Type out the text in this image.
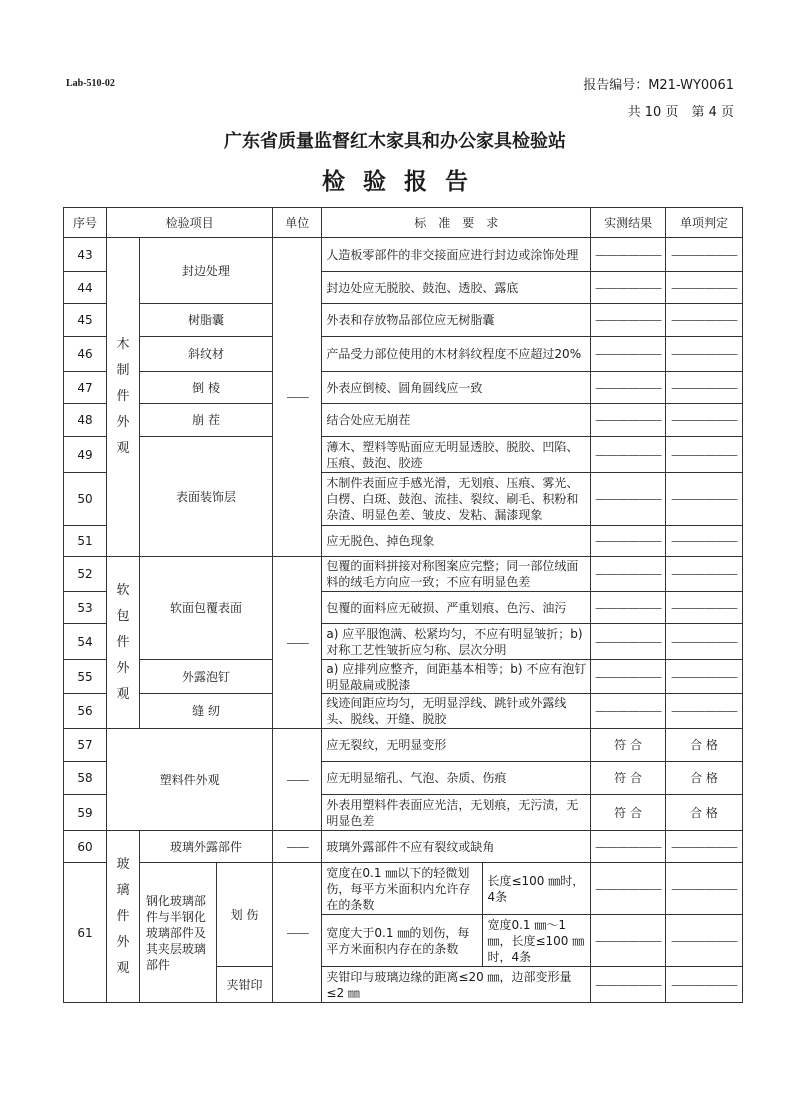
Lab-510-02	报告编号：M21-WY0061
共 10 页　第 4 页
广东省质量监督红木家具和办公家具检验站
检验报告
序号	检验项目			单位	标　准　要　求		实测结果	单项判定
43	木制件外观	封边处理		——	人造板零部件的非交接面应进行封边或涂饰处理		——————	——————
44					封边处应无脱胶、鼓泡、透胶、露底		——————	——————
45		树脂囊			外表和存放物品部位应无树脂囊		——————	——————
46		斜纹材			产品受力部位使用的木材斜纹程度不应超过20%		——————	——————
47		倒 棱			外表应倒棱、圆角圆线应一致		——————	——————
48		崩 茬			结合处应无崩茬		——————	——————
49		表面装饰层			薄木、塑料等贴面应无明显透胶、脱胶、凹陷、压痕、鼓泡、胶迹		——————	——————
50					木制件表面应手感光滑，无划痕、压痕、雾光、白楞、白斑、鼓泡、流挂、裂纹、刷毛、积粉和杂渣、明显色差、皱皮、发粘、漏漆现象		——————	——————
51					应无脱色、掉色现象		——————	——————
52	软包件外观	软面包覆表面		——	包覆的面料拼接对称图案应完整；同一部位绒面料的绒毛方向应一致；不应有明显色差		——————	——————
53					包覆的面料应无破损、严重划痕、色污、油污		——————	——————
54					a) 应平服饱满、松紧均匀，不应有明显皱折；b) 对称工艺性皱折应匀称、层次分明		——————	——————
55		外露泡钉			a) 应排列应整齐，间距基本相等；b) 不应有泡钉明显敲扁或脱漆		——————	——————
56		缝 纫			线迹间距应均匀，无明显浮线、跳针或外露线头、脱线、开缝、脱胶		——————	——————
57	塑料件外观			——	应无裂纹，无明显变形		符 合	合 格
58					应无明显缩孔、气泡、杂质、伤痕		符 合	合 格
59					外表用塑料件表面应光洁，无划痕，无污渍，无明显色差		符 合	合 格
60	玻璃件外观	玻璃外露部件		——	玻璃外露部件不应有裂纹或缺角		——————	——————
61		钢化玻璃部件与半钢化玻璃部件及其夹层玻璃部件	划 伤	——	宽度在0.1 ㎜以下的轻微划伤，每平方米面积内允许存在的条数	长度≤100 ㎜时，4条	——————	——————
					宽度大于0.1 ㎜的划伤，每平方米面积内存在的条数	宽度0.1 ㎜～1 ㎜，长度≤100 ㎜时，4条	——————	——————
			夹钳印		夹钳印与玻璃边缘的距离≤20 ㎜，边部变形量≤2 ㎜		——————	——————
